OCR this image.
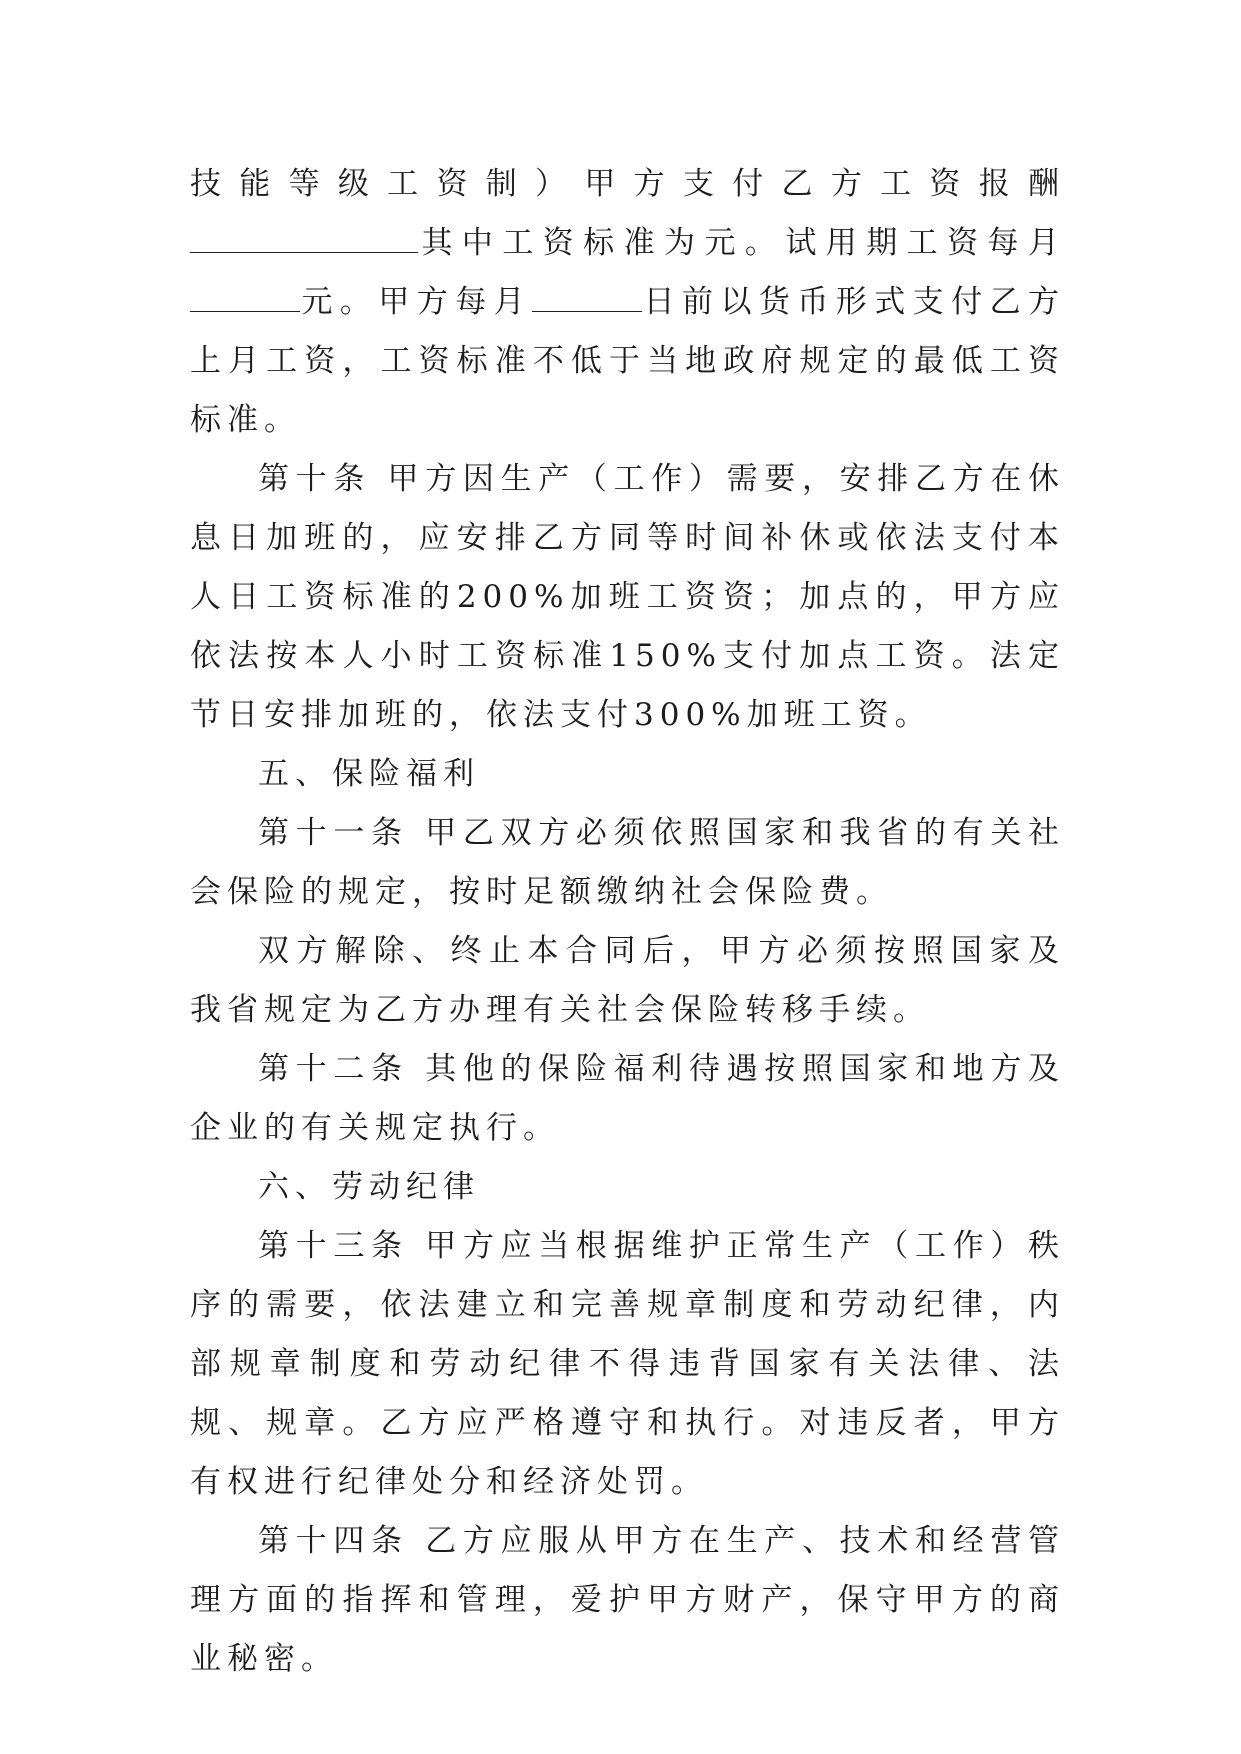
技能等级工资制）甲方支付乙方工资报酬其中工资标准为元。试用期工资每月元。甲方每月	日前以货币形式支付乙方上月工资，工资标准不低于当地政府规定的最低工资标准。

第十条 甲方因生产（工作）需要，安排乙方在休息日加班的，应安排乙方同等时间补休或依法支付本人日工资标准的200%加班工资资；加点的，甲方应依法按本人小时工资标准150%支付加点工资。法定节日安排加班的，依法支付300%加班工资。

五、保险福利

第十一条 甲乙双方必须依照国家和我省的有关社会保险的规定，按时足额缴纳社会保险费。

双方解除、终止本合同后，甲方必须按照国家及我省规定为乙方办理有关社会保险转移手续。

第十二条 其他的保险福利待遇按照国家和地方及企业的有关规定执行。

六、劳动纪律

第十三条 甲方应当根据维护正常生产（工作）秩序的需要，依法建立和完善规章制度和劳动纪律，内部规章制度和劳动纪律不得违背国家有关法律、法规、规章。乙方应严格遵守和执行。对违反者，甲方有权进行纪律处分和经济处罚。

第十四条 乙方应服从甲方在生产、技术和经营管理方面的指挥和管理，爱护甲方财产，保守甲方的商业秘密。
